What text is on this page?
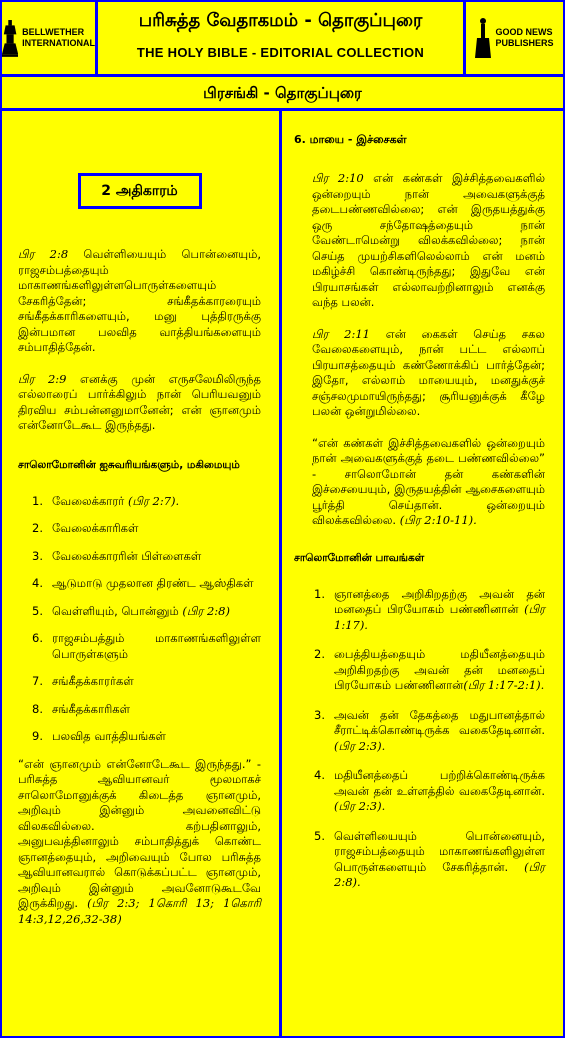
BELLWETHER
INTERNATIONAL
பரிசுத்த வேதாகமம் - தொகுப்புரை
THE HOLY BIBLE - EDITORIAL COLLECTION
GOOD NEWS
PUBLISHERS
பிரசங்கி - தொகுப்புரை
2 அதிகாரம்

பிர 2:8 வெள்ளியையும் பொன்னையும், ராஜசம்பத்தையும் மாகாணங்களிலுள்ளபொருள்களையும் சேகரித்தேன்; சங்கீதக்காரரையும் சங்கீதக்காரிகளையும், மனு புத்திரருக்கு இன்பமான பலவித வாத்தியங்களையும் சம்பாதித்தேன்.

பிர 2:9 எனக்கு முன் எருசலேமிலிருந்த எல்லாரைப் பார்க்கிலும் நான் பெரியவனும் திரவிய சம்பன்னனுமானேன்; என் ஞானமும் என்னோடேகூட இருந்தது.

சாலொமோனின் ஐசுவரியங்களும், மகிமையும்

1. வேலைக்காரர் (பிர 2:7).
2. வேலைக்காரிகள்
3. வேலைக்காரரின் பிள்ளைகள்
4. ஆடுமாடு முதலான திரண்ட ஆஸ்திகள்
5. வெள்ளியும், பொன்னும் (பிர 2:8)
6. ராஜசம்பத்தும் மாகாணங்களிலுள்ள பொருள்களும்
7. சங்கீதக்காரர்கள்
8. சங்கீதக்காரிகள்
9. பலவித வாத்தியங்கள்

“என் ஞானமும் என்னோடேகூட இருந்தது.” - பரிசுத்த ஆவியானவர் மூலமாகச் சாலொமோனுக்குக் கிடைத்த ஞானமும், அறிவும் இன்னும் அவனைவிட்டு விலகவில்லை. கற்பதினாலும், அனுபவத்தினாலும் சம்பாதித்துக் கொண்ட ஞானத்தையும், அறிவையும் போல பரிசுத்த ஆவியானவரால் கொடுக்கப்பட்ட ஞானமும், அறிவும் இன்னும் அவனோடுகூடவே இருக்கிறது. (பிர 2:3; 1கொரி 13; 1கொரி 14:3,12,26,32-38)

6. மாயை - இச்சைகள்

பிர 2:10 என் கண்கள் இச்சித்தவைகளில் ஒன்றையும் நான் அவைகளுக்குத் தடைபண்ணவில்லை; என் இருதயத்துக்கு ஒரு சந்தோஷத்தையும் நான் வேண்டாமென்று விலக்கவில்லை; நான் செய்த முயற்சிகளிலெல்லாம் என் மனம் மகிழ்ச்சி கொண்டிருந்தது; இதுவே என் பிரயாசங்கள் எல்லாவற்றினாலும் எனக்கு வந்த பலன்.

பிர 2:11 என் கைகள் செய்த சகல வேலைகளையும், நான் பட்ட எல்லாப் பிரயாசத்தையும் கண்ணோக்கிப் பார்த்தேன்; இதோ, எல்லாம் மாயையும், மனதுக்குச் சஞ்சலமுமாயிருந்தது; சூரியனுக்குக் கீழே பலன் ஒன்றுமில்லை.

“என் கண்கள் இச்சித்தவைகளில் ஒன்றையும் நான் அவைகளுக்குத் தடை பண்ணவில்லை” - சாலொமோன் தன் கண்களின் இச்சையையும், இருதயத்தின் ஆசைகளையும் பூர்த்தி செய்தான். ஒன்றையும் விலக்கவில்லை. (பிர 2:10-11).

சாலொமோனின் பாவங்கள்

1. ஞானத்தை அறிகிறதற்கு அவன் தன் மனதைப் பிரயோகம் பண்ணினான் (பிர 1:17).
2. பைத்தியத்தையும் மதியீனத்தையும் அறிகிறதற்கு அவன் தன் மனதைப் பிரயோகம் பண்ணினான்(பிர 1:17-2:1).
3. அவன் தன் தேகத்தை மதுபானத்தால் சீராட்டிக்கொண்டிருக்க வகைதேடினான். (பிர 2:3).
4. மதியீனத்தைப் பற்றிக்கொண்டிருக்க அவன் தன் உள்ளத்தில் வகைதேடினான். (பிர 2:3).
5. வெள்ளியையும் பொன்னையும், ராஜசம்பத்தையும் மாகாணங்களிலுள்ள பொருள்களையும் சேகரித்தான். (பிர 2:8).
